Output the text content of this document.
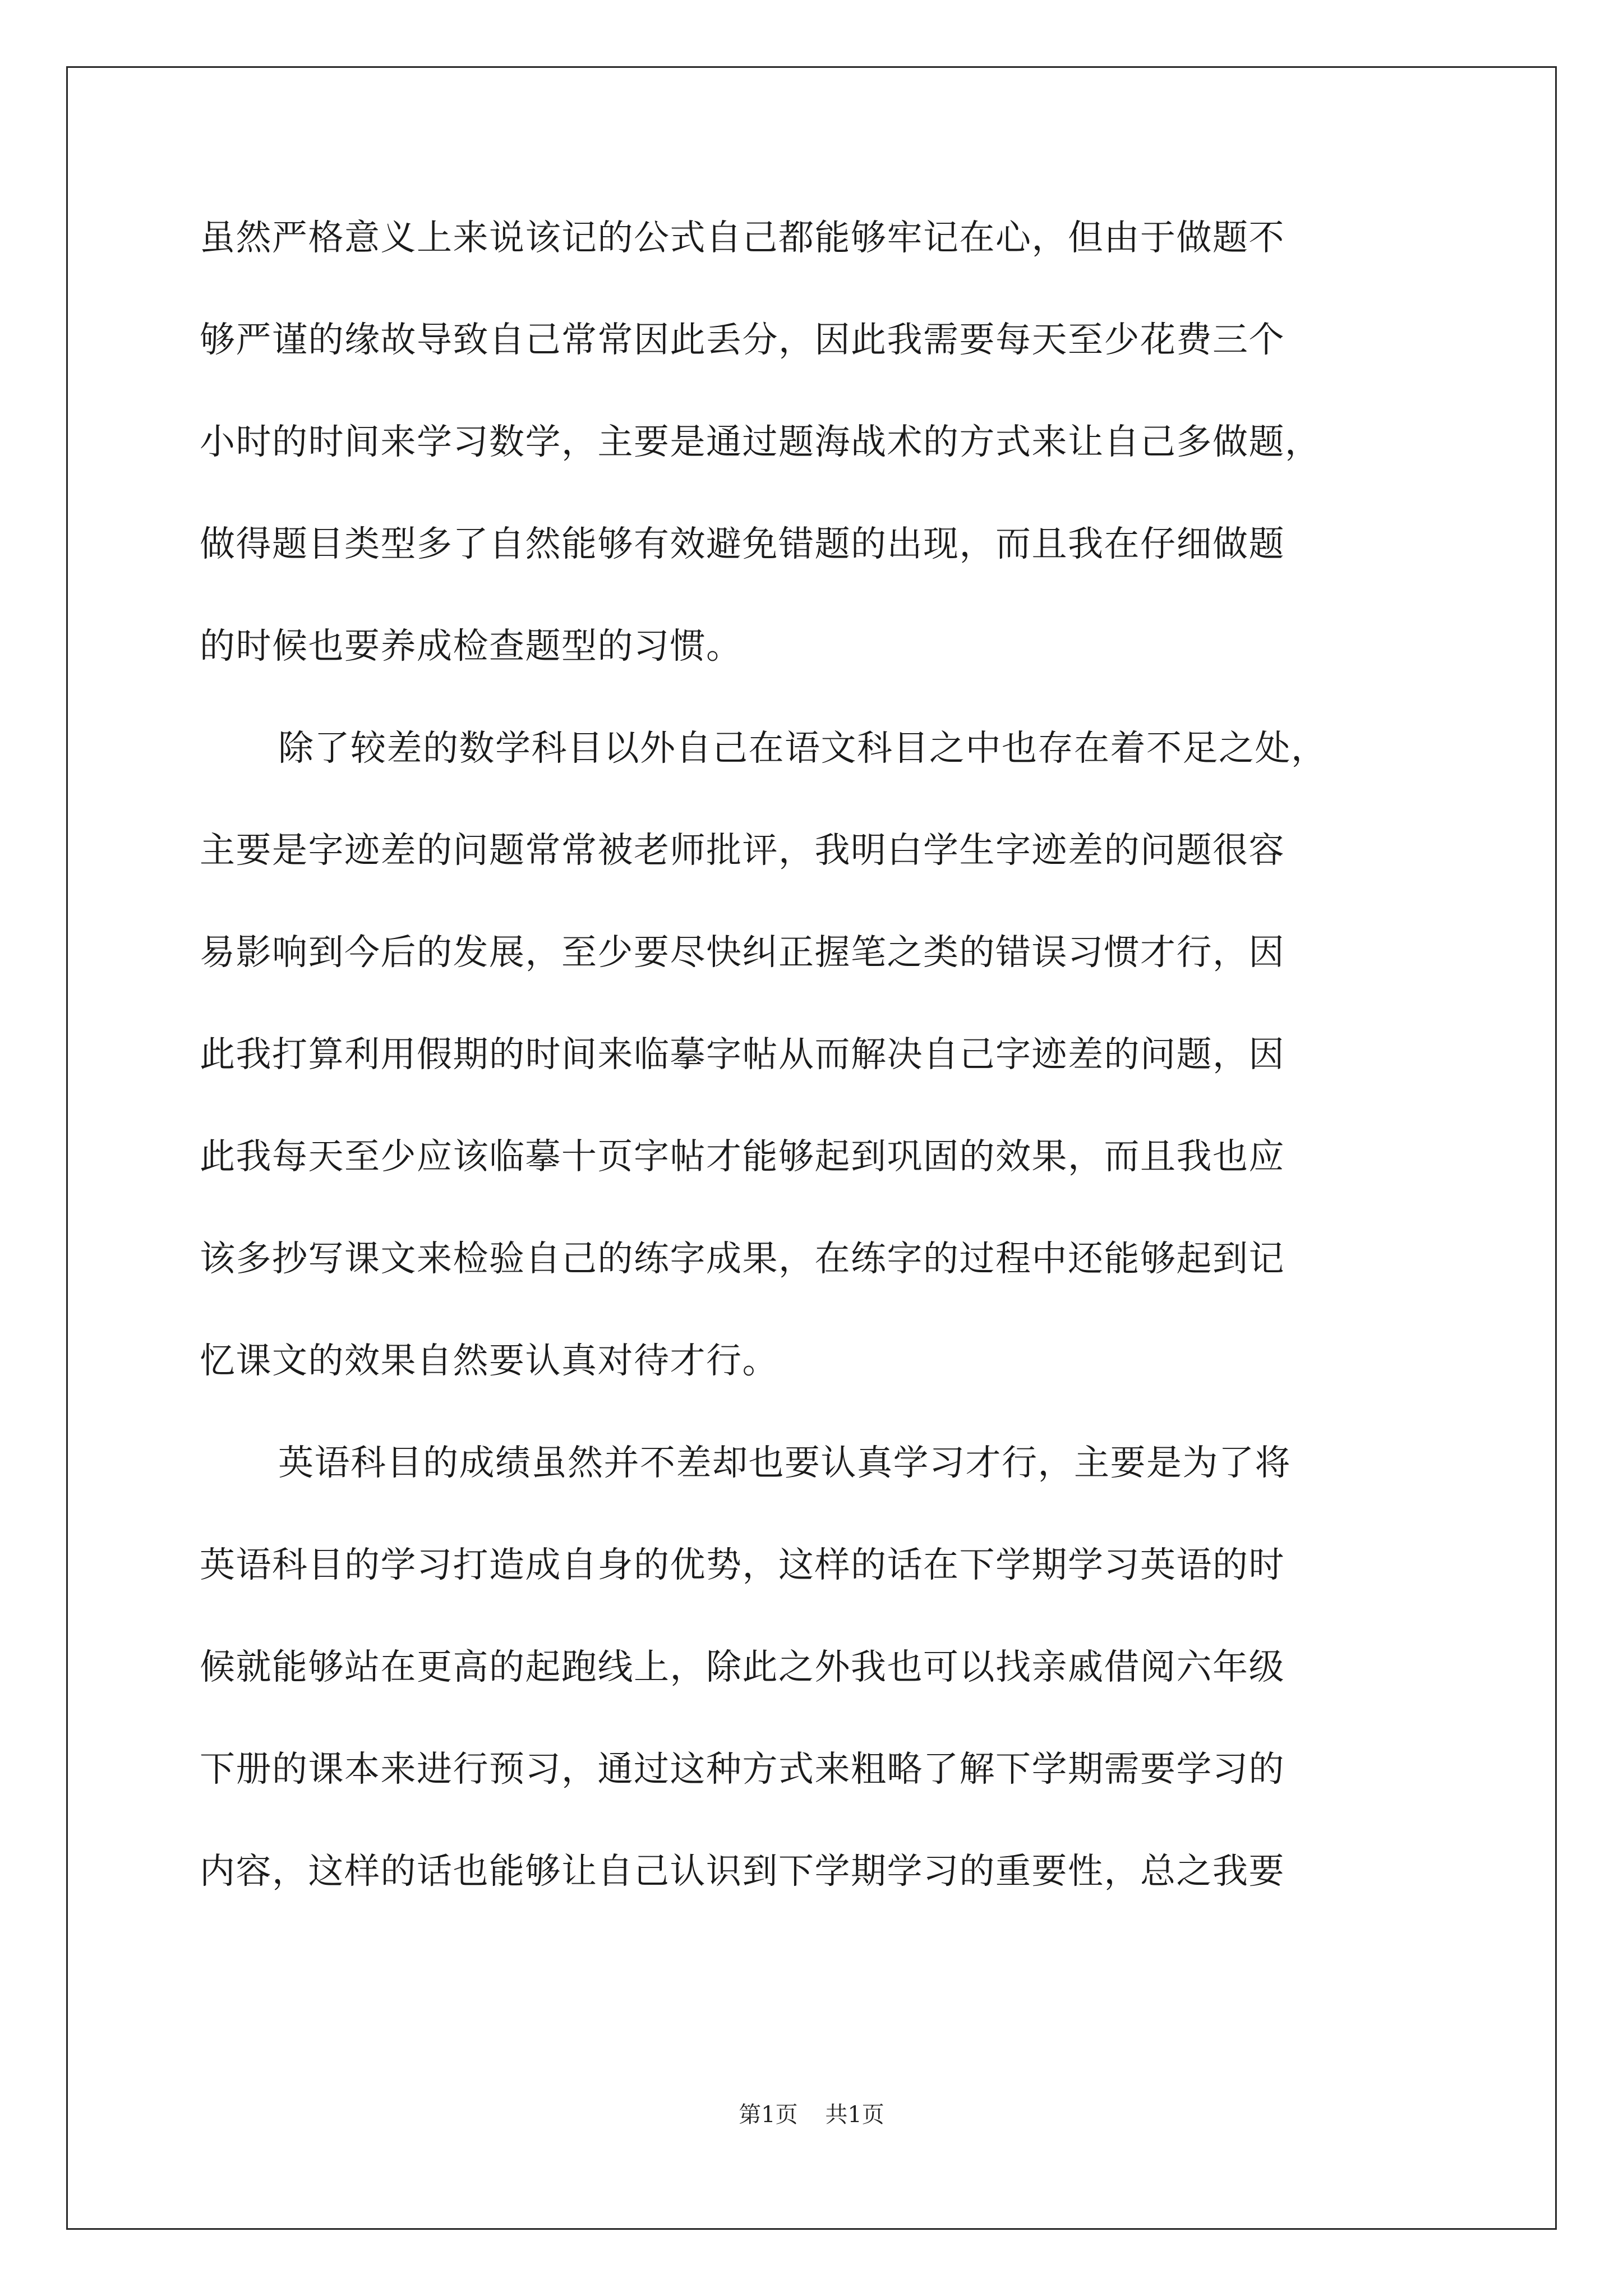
虽然严格意义上来说该记的公式自己都能够牢记在心，但由于做题不
够严谨的缘故导致自己常常因此丢分，因此我需要每天至少花费三个
小时的时间来学习数学，主要是通过题海战术的方式来让自己多做题，
做得题目类型多了自然能够有效避免错题的出现，而且我在仔细做题
的时候也要养成检查题型的习惯。
除了较差的数学科目以外自己在语文科目之中也存在着不足之处，
主要是字迹差的问题常常被老师批评，我明白学生字迹差的问题很容
易影响到今后的发展，至少要尽快纠正握笔之类的错误习惯才行，因
此我打算利用假期的时间来临摹字帖从而解决自己字迹差的问题，因
此我每天至少应该临摹十页字帖才能够起到巩固的效果，而且我也应
该多抄写课文来检验自己的练字成果，在练字的过程中还能够起到记
忆课文的效果自然要认真对待才行。
英语科目的成绩虽然并不差却也要认真学习才行，主要是为了将
英语科目的学习打造成自身的优势，这样的话在下学期学习英语的时
候就能够站在更高的起跑线上，除此之外我也可以找亲戚借阅六年级
下册的课本来进行预习，通过这种方式来粗略了解下学期需要学习的
内容，这样的话也能够让自己认识到下学期学习的重要性，总之我要
第1页 共1页
